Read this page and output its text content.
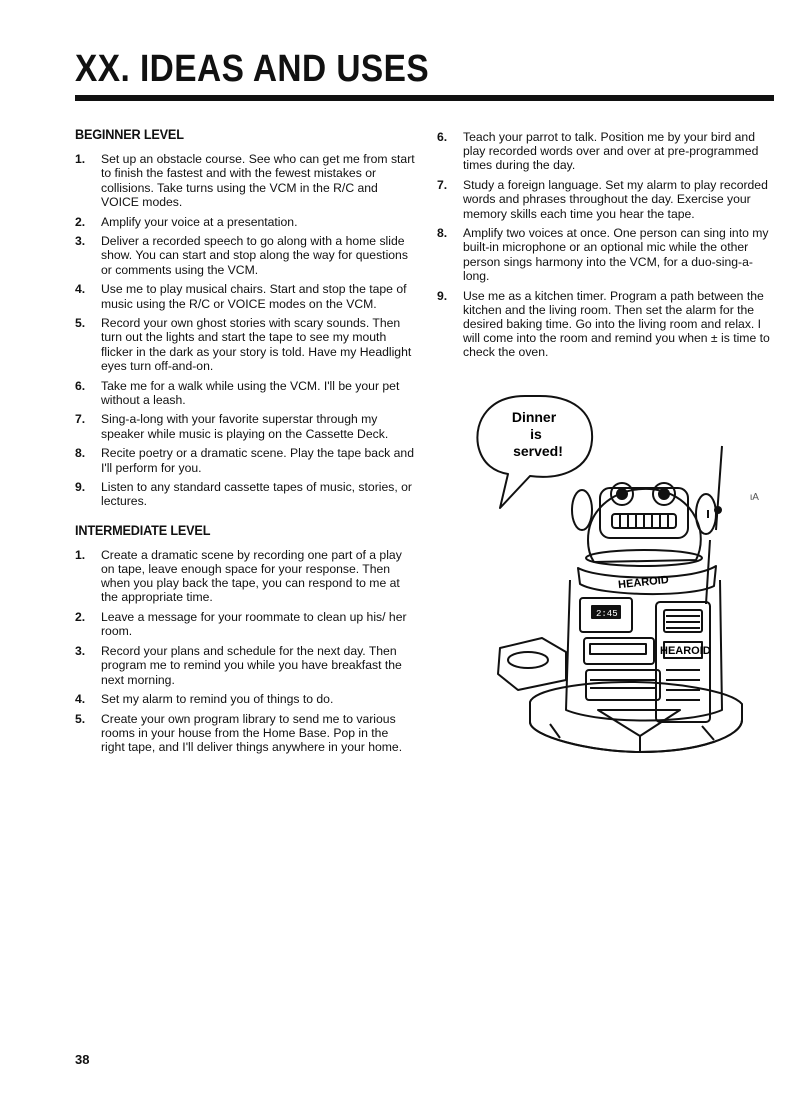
XX. IDEAS AND USES
BEGINNER LEVEL
1. Set up an obstacle course. See who can get me from start to finish the fastest and with the fewest mistakes or collisions. Take turns using the VCM in the R/C and VOICE modes.
2. Amplify your voice at a presentation.
3. Deliver a recorded speech to go along with a home slide show. You can start and stop along the way for questions or comments using the VCM.
4. Use me to play musical chairs. Start and stop the tape of music using the R/C or VOICE modes on the VCM.
5. Record your own ghost stories with scary sounds. Then turn out the lights and start the tape to see my mouth flicker in the dark as your story is told. Have my Headlight eyes turn off-and-on.
6. Take me for a walk while using the VCM. I'll be your pet without a leash.
7. Sing-a-long with your favorite superstar through my speaker while music is playing on the Cassette Deck.
8. Recite poetry or a dramatic scene. Play the tape back and I'll perform for you.
9. Listen to any standard cassette tapes of music, stories, or lectures.
INTERMEDIATE LEVEL
1. Create a dramatic scene by recording one part of a play on tape, leave enough space for your response. Then when you play back the tape, you can respond to me at the appropriate time.
2. Leave a message for your roommate to clean up his/ her room.
3. Record your plans and schedule for the next day. Then program me to remind you while you have breakfast the next morning.
4. Set my alarm to remind you of things to do.
5. Create your own program library to send me to various rooms in your house from the Home Base. Pop in the right tape, and I'll deliver things anywhere in your home.
6. Teach your parrot to talk. Position me by your bird and play recorded words over and over at pre-programmed times during the day.
7. Study a foreign language. Set my alarm to play recorded words and phrases throughout the day. Exercise your memory skills each time you hear the tape.
8. Amplify two voices at once. One person can sing into my built-in microphone or an optional mic while the other person sings harmony into the VCM, for a duo-sing-a-long.
9. Use me as a kitchen timer. Program a path between the kitchen and the living room. Then set the alarm for the desired baking time. Go into the living room and relax. I will come into the room and remind you when ± is time to check the oven.
Dinner
is
served!
HEAROID
HEAROID
2:45
ιA
38
